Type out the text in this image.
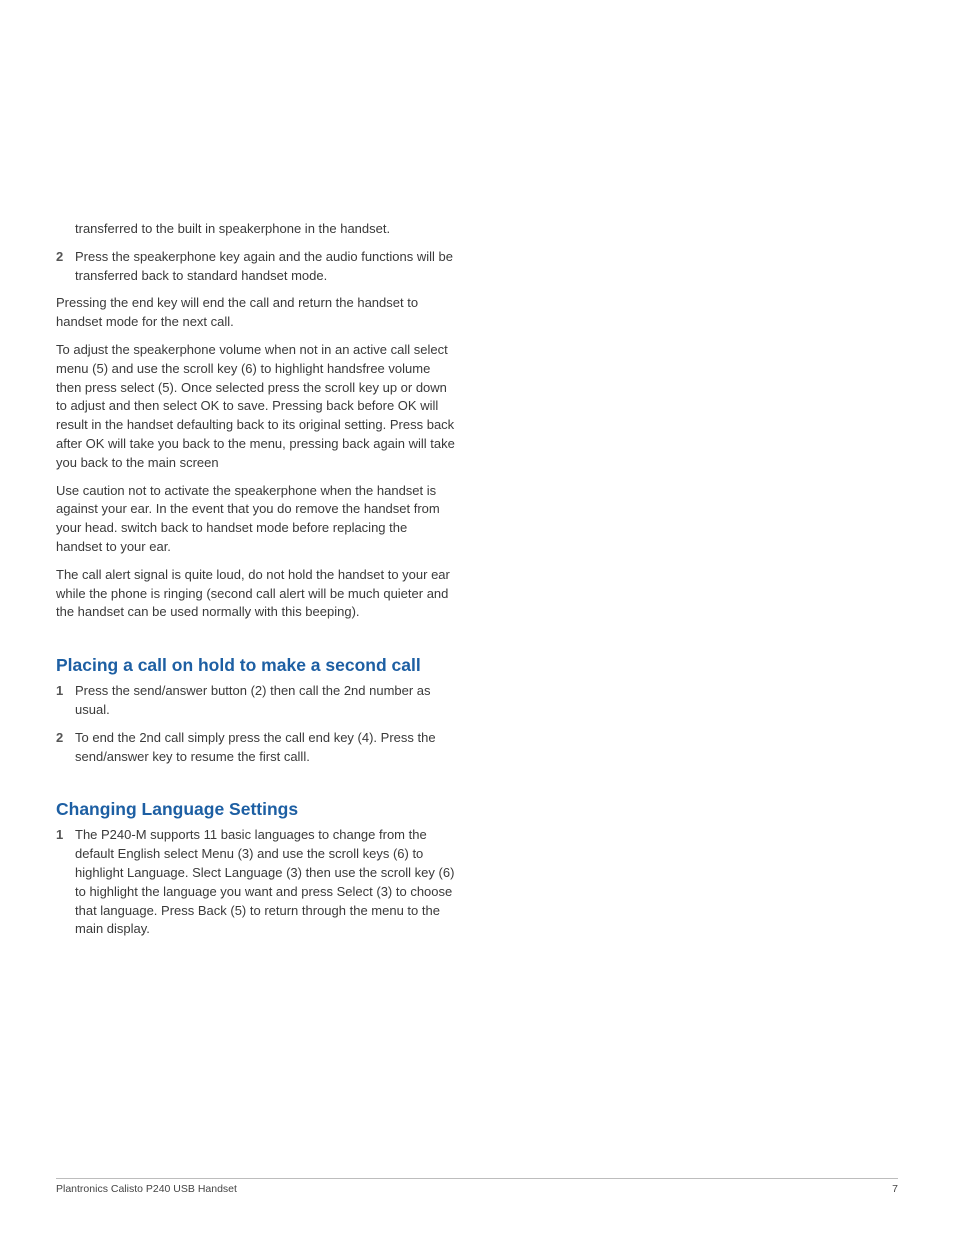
transferred to the built in speakerphone in the handset.

2 Press the speakerphone key again and the audio functions will be transferred back to standard handset mode.

Pressing the end key will end the call and return the handset to handset mode for the next call.

To adjust the speakerphone volume when not in an active call select menu (5) and use the scroll key (6) to highlight handsfree volume then press select (5). Once selected press the scroll key up or down to adjust and then select OK to save. Pressing back before OK will result in the handset defaulting back to its original setting. Press back after OK will take you back to the menu, pressing back again will take you back to the main screen

Use caution not to activate the speakerphone when the handset is against your ear. In the event that you do remove the handset from your head. switch back to handset mode before replacing the handset to your ear.

The call alert signal is quite loud, do not hold the handset to your ear while the phone is ringing (second call alert will be much quieter and the handset can be used normally with this beeping).

Placing a call on hold to make a second call
1 Press the send/answer button (2) then call the 2nd number as usual.
2 To end the 2nd call simply press the call end key (4). Press the send/answer key to resume the first calll.
Changing Language Settings
1 The P240-M supports 11 basic languages to change from the default English select Menu (3) and use the scroll keys (6) to highlight Language. Slect Language (3) then use the scroll key (6) to highlight the language you want and press Select (3) to choose that language. Press Back (5) to return through the menu to the main display.
Plantronics Calisto P240 USB Handset	7
